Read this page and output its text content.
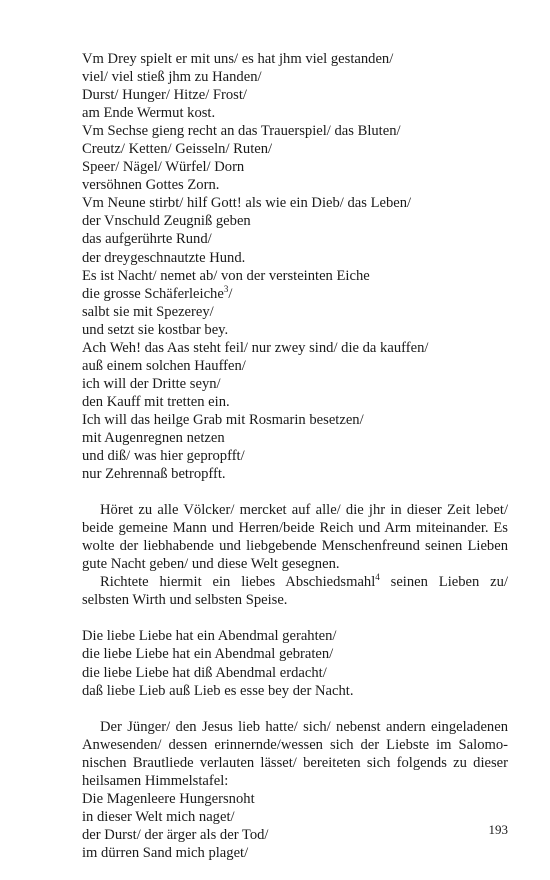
Vm Drey spielt er mit uns/ es hat jhm viel gestanden/
viel/ viel stieß jhm zu Handen/
Durst/ Hunger/ Hitze/ Frost/
am Ende Wermut kost.
Vm Sechse gieng recht an das Trauerspiel/ das Bluten/
Creutz/ Ketten/ Geisseln/ Ruten/
Speer/ Nägel/ Würfel/ Dorn
versöhnen Gottes Zorn.
Vm Neune stirbt/ hilf Gott! als wie ein Dieb/ das Leben/
der Vnschuld Zeugniß geben
das aufgerührte Rund/
der dreygeschnautzte Hund.
Es ist Nacht/ nemet ab/ von der versteinten Eiche
die grosse Schäferleiche$^3$/
salbt sie mit Spezerey/
und setzt sie kostbar bey.
Ach Weh! das Aas steht feil/ nur zwey sind/ die da kauffen/
auß einem solchen Hauffen/
ich will der Dritte seyn/
den Kauff mit tretten ein.
Ich will das heilge Grab mit Rosmarin besetzen/
mit Augenregnen netzen
und diß/ was hier gepropfft/
nur Zehrennaß betropfft.
Höret zu alle Völcker/ mercket auf alle/ die jhr in dieser Zeit lebet/ beide gemeine Mann und Herren/beide Reich und Arm miteinander. Es wolte der liebhabende und liebgebende Menschenfreund seinen Lieben gute Nacht geben/ und diese Welt gesegnen.
Richtete hiermit ein liebes Abschiedsmahl$^4$ seinen Lieben zu/ selbsten Wirth und selbsten Speise.
Die liebe Liebe hat ein Abendmal gerahten/
die liebe Liebe hat ein Abendmal gebraten/
die liebe Liebe hat diß Abendmal erdacht/
daß liebe Lieb auß Lieb es esse bey der Nacht.
Der Jünger/ den Jesus lieb hatte/ sich/ nebenst andern eingeladenen Anwesenden/ dessen erinnernde/wessen sich der Liebste im Salomo-nischen Brautliede verlauten lässet/ bereiteten sich folgends zu dieser heilsamen Himmelstafel:
Die Magenleere Hungersnoht
in dieser Welt mich naget/
der Durst/ der ärger als der Tod/
im dürren Sand mich plaget/
193
